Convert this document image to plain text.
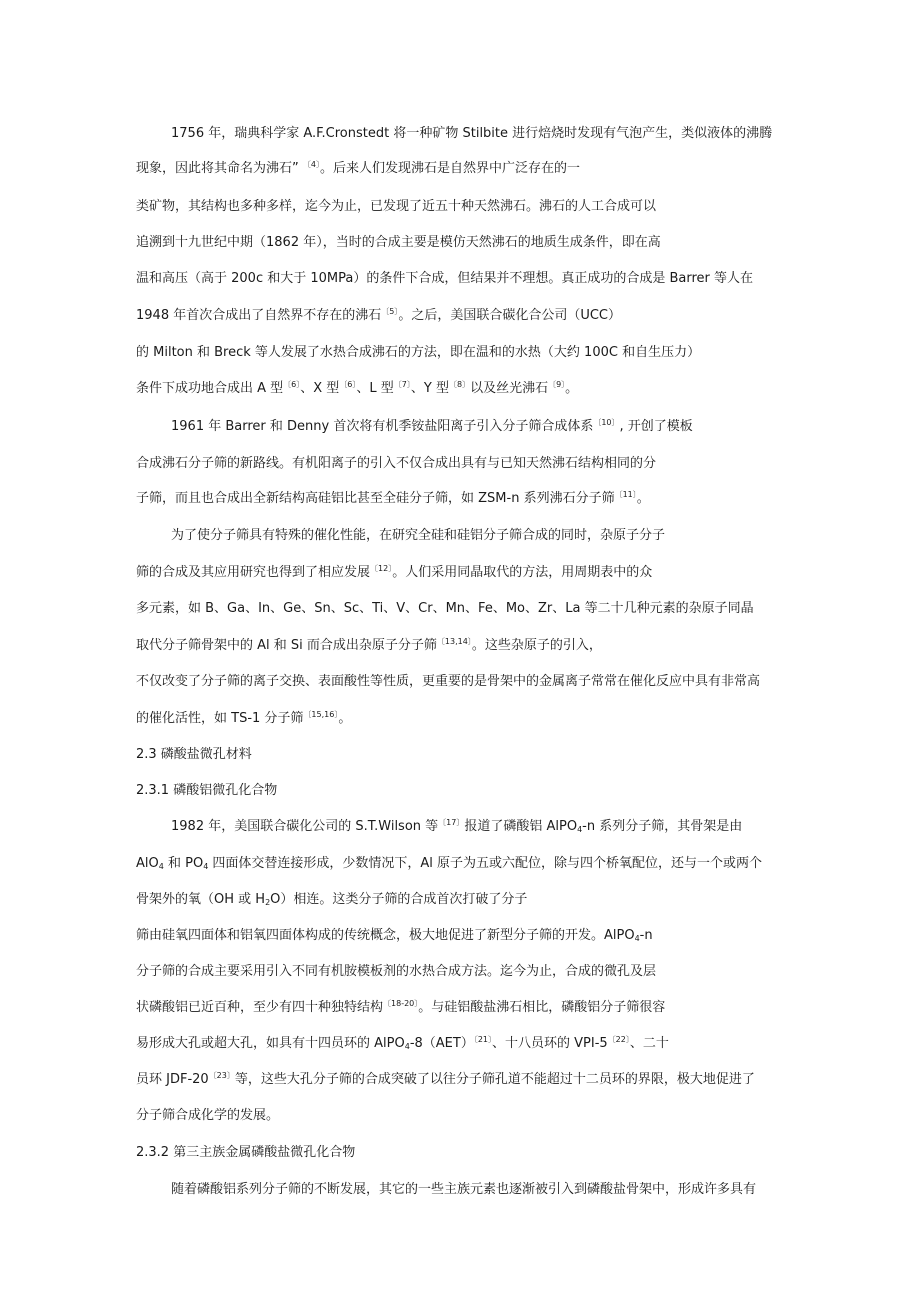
1756 年，瑞典科学家 A.F.Cronstedt 将一种矿物 Stilbite 进行焙烧时发现有气泡产生，类似液体的沸腾
现象，因此将其命名为沸石” $^{〔4〕}$。后来人们发现沸石是自然界中广泛存在的一
类矿物，其结构也多种多样，迄今为止，已发现了近五十种天然沸石。沸石的人工合成可以
追溯到十九世纪中期（1862 年），当时的合成主要是模仿天然沸石的地质生成条件，即在高
温和高压（高于 200c 和大于 10MPa）的条件下合成，但结果并不理想。真正成功的合成是 Barrer 等人在
1948 年首次合成出了自然界不存在的沸石$^{〔5〕}$。之后，美国联合碳化合公司（UCC）
的 Milton 和 Breck 等人发展了水热合成沸石的方法，即在温和的水热（大约 100C 和自生压力）
条件下成功地合成出 A 型$^{〔6〕}$、X 型$^{〔6〕}$、L 型$^{〔7〕}$、Y 型$^{〔8〕}$以及丝光沸石$^{〔9〕}$。
1961 年 Barrer 和 Denny 首次将有机季铵盐阳离子引入分子筛合成体系$^{〔10〕}$, 开创了模板
合成沸石分子筛的新路线。有机阳离子的引入不仅合成出具有与已知天然沸石结构相同的分
子筛，而且也合成出全新结构高硅铝比甚至全硅分子筛，如 ZSM-n 系列沸石分子筛$^{〔11〕}$。
为了使分子筛具有特殊的催化性能，在研究全硅和硅铝分子筛合成的同时，杂原子分子
筛的合成及其应用研究也得到了相应发展$^{〔12〕}$。人们采用同晶取代的方法，用周期表中的众
多元素，如 B、Ga、In、Ge、Sn、Sc、Ti、V、Cr、Mn、Fe、Mo、Zr、La 等二十几种元素的杂原子同晶
取代分子筛骨架中的 Al 和 Si 而合成出杂原子分子筛$^{〔13,14〕}$。这些杂原子的引入，
不仅改变了分子筛的离子交换、表面酸性等性质，更重要的是骨架中的金属离子常常在催化反应中具有非常高
的催化活性，如 TS-1 分子筛$^{〔15,16〕}$。
2.3 磷酸盐微孔材料
2.3.1 磷酸铝微孔化合物
1982 年，美国联合碳化公司的 S.T.Wilson 等$^{〔17〕}$报道了磷酸铝 AlPO$_4$-n 系列分子筛，其骨架是由
AlO$_4$ 和 $PO_4$ 四面体交替连接形成，少数情况下，Al 原子为五或六配位，除与四个桥氧配位，还与一个或两个
骨架外的氧（OH 或 $H_2O$）相连。这类分子筛的合成首次打破了分子
筛由硅氧四面体和铝氧四面体构成的传统概念，极大地促进了新型分子筛的开发。AlPO$_4$-n
分子筛的合成主要采用引入不同有机胺模板剂的水热合成方法。迄今为止，合成的微孔及层
状磷酸铝已近百种，至少有四十种独特结构$^{〔18-20〕}$。与硅铝酸盐沸石相比，磷酸铝分子筛很容
易形成大孔或超大孔，如具有十四员环的 AlPO$_4$-8（AET）$^{〔21〕}$、十八员环的 VPI-$5^{〔22〕}$、二十
员环 JDF-$20^{〔23〕}$等，这些大孔分子筛的合成突破了以往分子筛孔道不能超过十二员环的界限，极大地促进了
分子筛合成化学的发展。
2.3.2 第三主族金属磷酸盐微孔化合物
随着磷酸铝系列分子筛的不断发展，其它的一些主族元素也逐渐被引入到磷酸盐骨架中，形成许多具有
